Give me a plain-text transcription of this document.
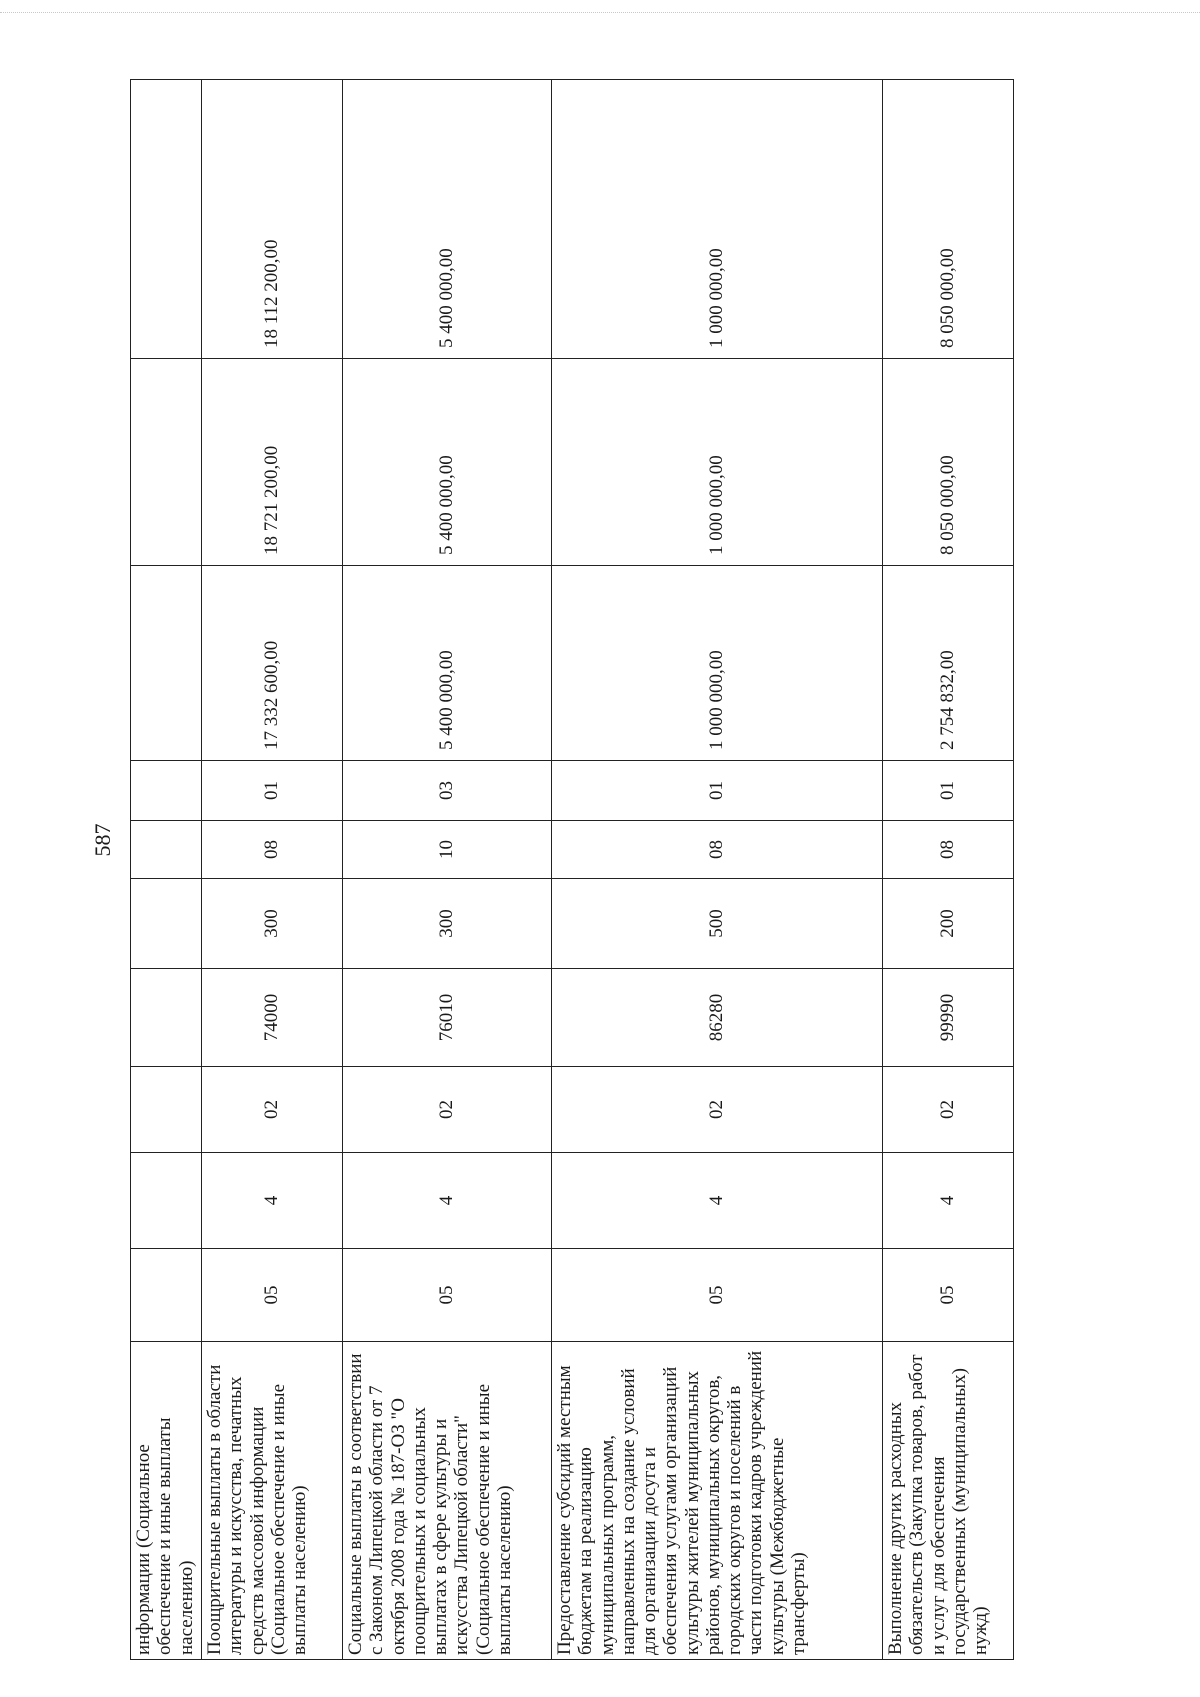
587
информации (Социальное обеспечение и иные выплаты населению)										
Поощрительные выплаты в области литературы и искусства, печатных средств массовой информации (Социальное обеспечение и иные выплаты населению)	05	4	02	74000	300	08	01	17 332 600,00	18 721 200,00	18 112 200,00
Социальные выплаты в соответствии с Законом Липецкой области от 7 октября 2008 года № 187-ОЗ "О поощрительных и социальных выплатах в сфере культуры и искусства Липецкой области" (Социальное обеспечение и иные выплаты населению)	05	4	02	76010	300	10	03	5 400 000,00	5 400 000,00	5 400 000,00
Предоставление субсидий местным бюджетам на реализацию муниципальных программ, направленных на создание условий для организации досуга и обеспечения услугами организаций культуры жителей муниципальных районов, муниципальных округов, городских округов и поселений в части подготовки кадров учреждений культуры (Межбюджетные трансферты)	05	4	02	86280	500	08	01	1 000 000,00	1 000 000,00	1 000 000,00
Выполнение других расходных обязательств (Закупка товаров, работ и услуг для обеспечения государственных (муниципальных) нужд)	05	4	02	99990	200	08	01	2 754 832,00	8 050 000,00	8 050 000,00
